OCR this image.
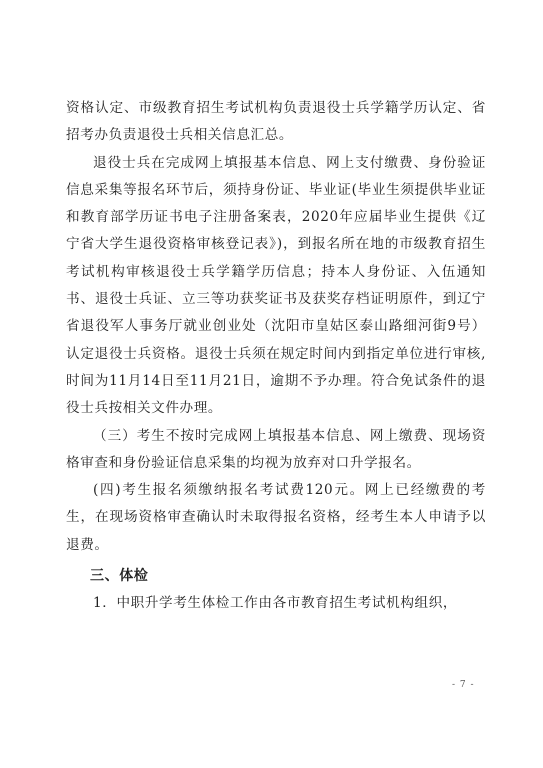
资格认定、市级教育招生考试机构负责退役士兵学籍学历认定、省招考办负责退役士兵相关信息汇总。

退役士兵在完成网上填报基本信息、网上支付缴费、身份验证信息采集等报名环节后，须持身份证、毕业证(毕业生须提供毕业证和教育部学历证书电子注册备案表，2020年应届毕业生提供《辽宁省大学生退役资格审核登记表》)，到报名所在地的市级教育招生考试机构审核退役士兵学籍学历信息；持本人身份证、入伍通知书、退役士兵证、立三等功获奖证书及获奖存档证明原件，到辽宁省退役军人事务厅就业创业处（沈阳市皇姑区泰山路细河街9号）认定退役士兵资格。退役士兵须在规定时间内到指定单位进行审核,时间为11月14日至11月21日，逾期不予办理。符合免试条件的退役士兵按相关文件办理。

（三）考生不按时完成网上填报基本信息、网上缴费、现场资格审查和身份验证信息采集的均视为放弃对口升学报名。

(四)考生报名须缴纳报名考试费120元。网上已经缴费的考生，在现场资格审查确认时未取得报名资格，经考生本人申请予以退费。

三、体检

1．中职升学考生体检工作由各市教育招生考试机构组织，

- 7 -
